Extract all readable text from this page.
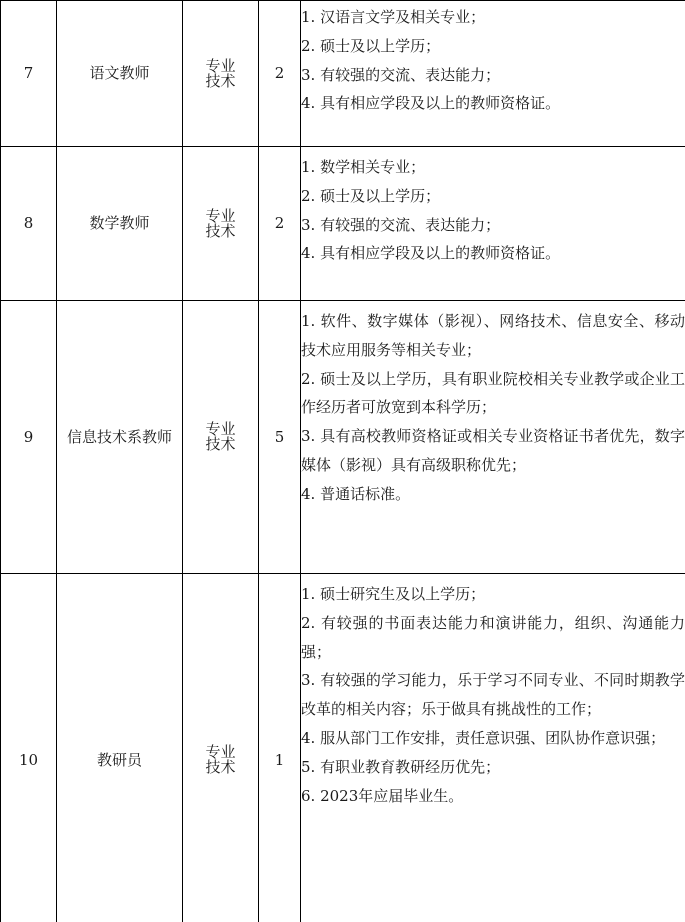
7	语文教师	专业
技术	2	1. 汉语言文学及相关专业；
2. 硕士及以上学历；
3. 有较强的交流、表达能力；
4. 具有相应学段及以上的教师资格证。

8	数学教师	专业
技术	2	1. 数学相关专业；
2. 硕士及以上学历；
3. 有较强的交流、表达能力；
4. 具有相应学段及以上的教师资格证。

9	信息技术系教师	专业
技术	5	1. 软件、数字媒体（影视）、网络技术、信息安全、移动技术应用服务等相关专业；
2. 硕士及以上学历，具有职业院校相关专业教学或企业工作经历者可放宽到本科学历；
3. 具有高校教师资格证或相关专业资格证书者优先，数字媒体（影视）具有高级职称优先；
4. 普通话标准。

10	教研员	专业
技术	1	
1. 硕士研究生及以上学历；
2. 有较强的书面表达能力和演讲能力，组织、沟通能力强；
3. 有较强的学习能力，乐于学习不同专业、不同时期教学改革的相关内容；乐于做具有挑战性的工作；
4. 服从部门工作安排，责任意识强、团队协作意识强；
5. 有职业教育教研经历优先；
6. 2023年应届毕业生。
